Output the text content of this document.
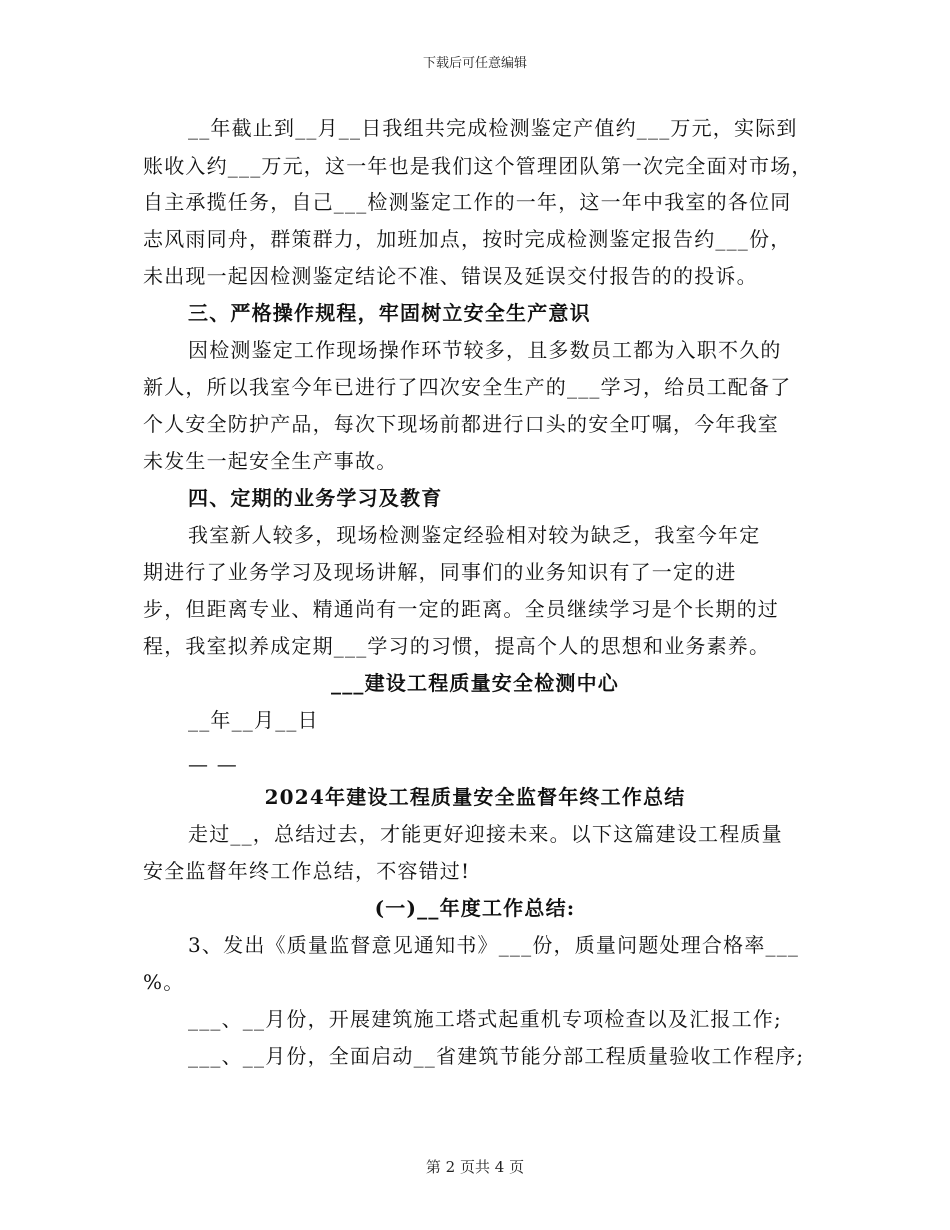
下载后可任意编辑
__年截止到__月__日我组共完成检测鉴定产值约___万元，实际到
账收入约___万元，这一年也是我们这个管理团队第一次完全面对市场，
自主承揽任务，自己___检测鉴定工作的一年，这一年中我室的各位同
志风雨同舟，群策群力，加班加点，按时完成检测鉴定报告约___份，
未出现一起因检测鉴定结论不准、错误及延误交付报告的的投诉。
三、严格操作规程，牢固树立安全生产意识
因检测鉴定工作现场操作环节较多，且多数员工都为入职不久的
新人，所以我室今年已进行了四次安全生产的___学习，给员工配备了
个人安全防护产品，每次下现场前都进行口头的安全叮嘱，今年我室
未发生一起安全生产事故。
四、定期的业务学习及教育
我室新人较多，现场检测鉴定经验相对较为缺乏，我室今年定
期进行了业务学习及现场讲解，同事们的业务知识有了一定的进
步，但距离专业、精通尚有一定的距离。全员继续学习是个长期的过
程，我室拟养成定期___学习的习惯，提高个人的思想和业务素养。
___建设工程质量安全检测中心
__年__月__日
— —
2024年建设工程质量安全监督年终工作总结
走过__，总结过去，才能更好迎接未来。以下这篇建设工程质量
安全监督年终工作总结，不容错过!
(一)__年度工作总结:
3、发出《质量监督意见通知书》___份，质量问题处理合格率___
%。
___、__月份，开展建筑施工塔式起重机专项检查以及汇报工作;
___、__月份，全面启动__省建筑节能分部工程质量验收工作程序;
第 2 页共 4 页
